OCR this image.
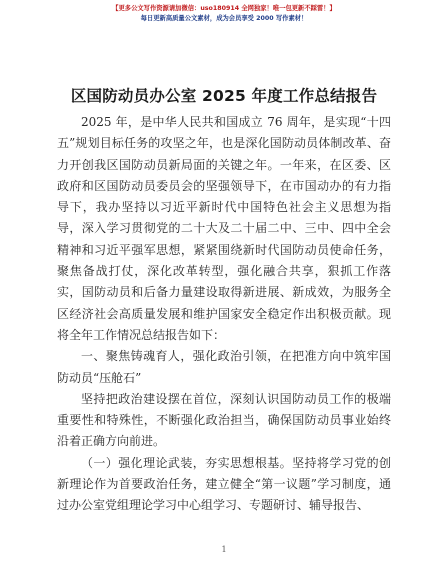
【更多公文写作资源请加微信：uso180914 全网独家！唯一包更新不踩雷！】
每日更新高质量公文素材，成为会员享受 2000 写作素材！
区国防动员办公室 2025 年度工作总结报告

2025 年，是中华人民共和国成立 76 周年，是实现“十四五”规划目标任务的攻坚之年，也是深化国防动员体制改革、奋力开创我区国防动员新局面的关键之年。一年来，在区委、区政府和区国防动员委员会的坚强领导下，在市国动办的有力指导下，我办坚持以习近平新时代中国特色社会主义思想为指导，深入学习贯彻党的二十大及二十届二中、三中、四中全会精神和习近平强军思想，紧紧围绕新时代国防动员使命任务，聚焦备战打仗，深化改革转型，强化融合共享，狠抓工作落实，国防动员和后备力量建设取得新进展、新成效，为服务全区经济社会高质量发展和维护国家安全稳定作出积极贡献。现将全年工作情况总结报告如下：

一、聚焦铸魂育人，强化政治引领，在把准方向中筑牢国防动员“压舱石”

坚持把政治建设摆在首位，深刻认识国防动员工作的极端重要性和特殊性，不断强化政治担当，确保国防动员事业始终沿着正确方向前进。

（一）强化理论武装，夯实思想根基。坚持将学习党的创新理论作为首要政治任务，建立健全“第一议题”学习制度，通过办公室党组理论学习中心组学习、专题研讨、辅导报告、

1
